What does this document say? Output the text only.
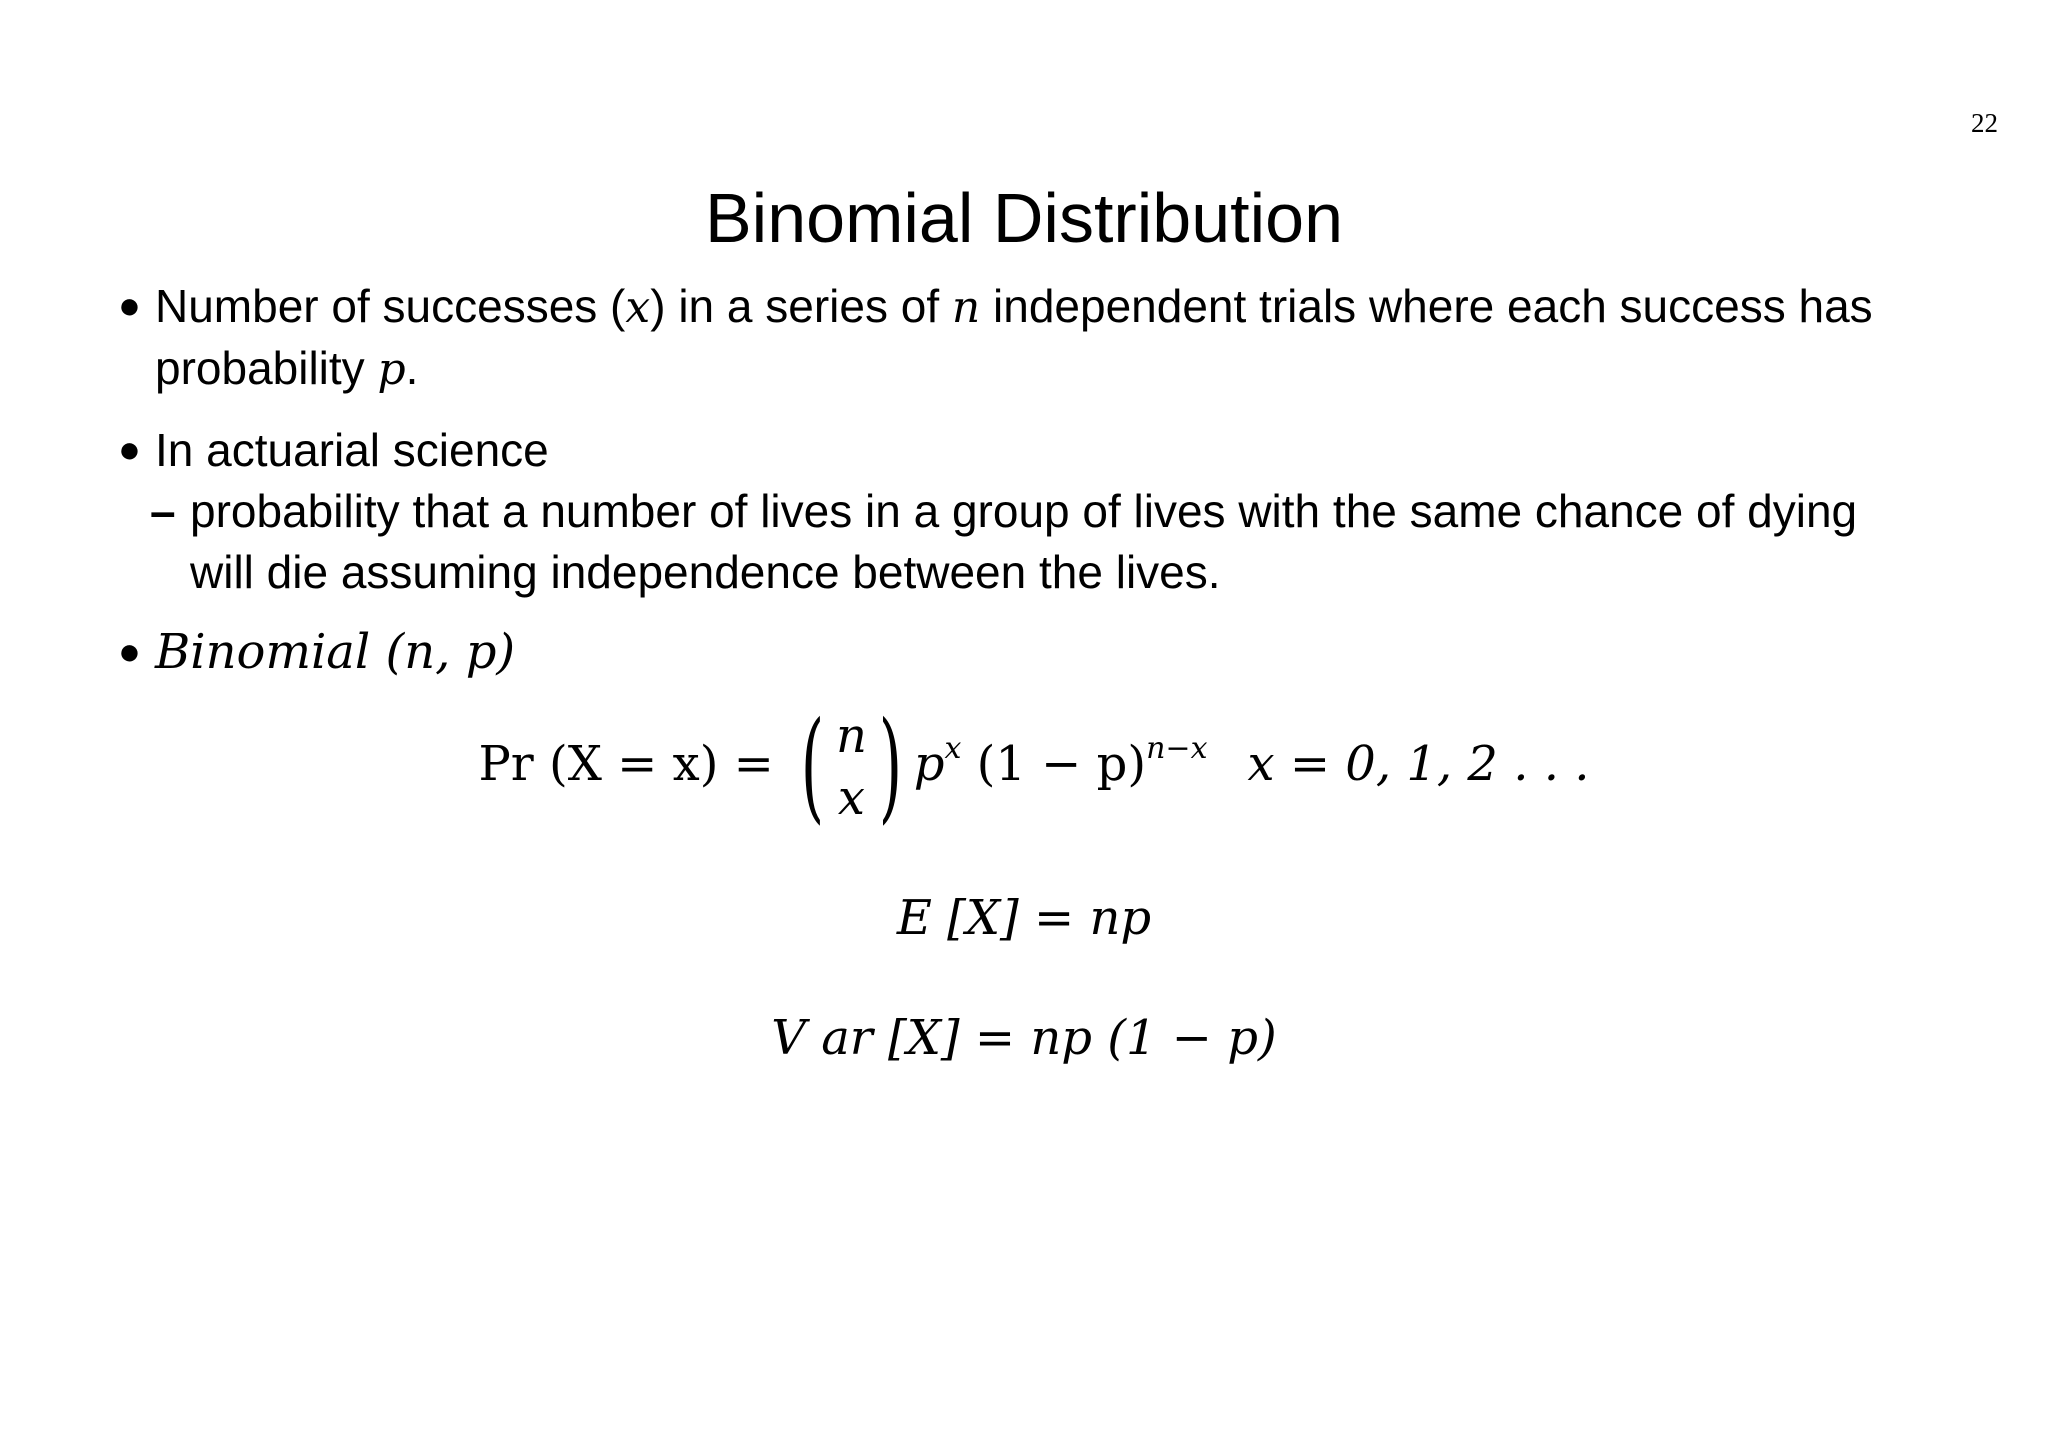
22
Binomial Distribution
● Number of successes (x) in a series of n independent trials where each success has
probability p.
● In actuarial science
– probability that a number of lives in a group of lives with the same chance of dying
will die assuming independence between the lives.
● Binomial (n, p)
Pr (X = x) = ( n
x ) $p^x$ $(1 - p)^{n-x}$ x = 0, 1, 2 . . .
E [X] = np
V ar [X] = np (1 − p)
